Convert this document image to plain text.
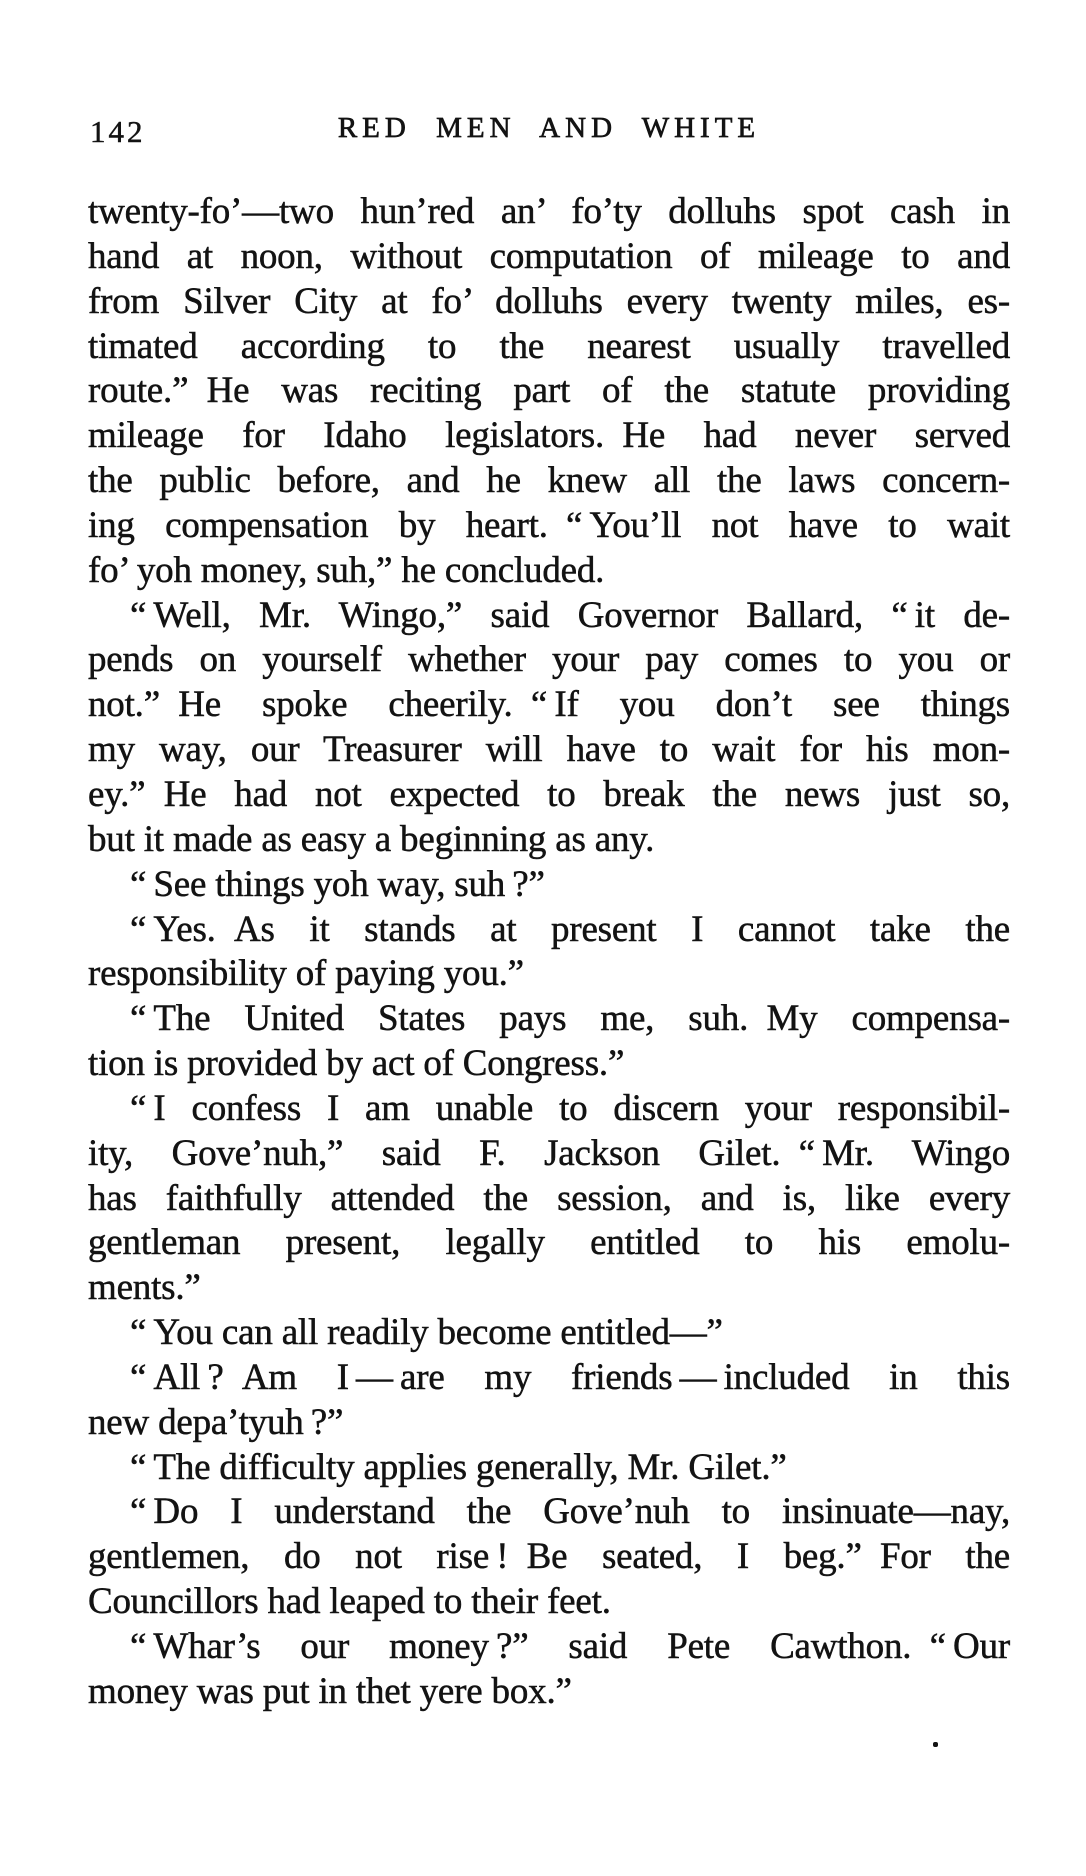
142	RED MEN AND WHITE
twenty-fo’—two hun’red an’ fo’ty dolluhs spot cash in
hand at noon, without computation of mileage to and
from Silver City at fo’ dolluhs every twenty miles, es-
timated according to the nearest usually travelled
route.” He was reciting part of the statute providing
mileage for Idaho legislators. He had never served
the public before, and he knew all the laws concern-
ing compensation by heart. “ You’ll not have to wait
fo’ yoh money, suh,” he concluded.
“ Well, Mr. Wingo,” said Governor Ballard, “ it de-
pends on yourself whether your pay comes to you or
not.” He spoke cheerily. “ If you don’t see things
my way, our Treasurer will have to wait for his mon-
ey.” He had not expected to break the news just so,
but it made as easy a beginning as any.
“ See things yoh way, suh ?”
“ Yes. As it stands at present I cannot take the
responsibility of paying you.”
“ The United States pays me, suh. My compensa-
tion is provided by act of Congress.”
“ I confess I am unable to discern your responsibil-
ity, Gove’nuh,” said F. Jackson Gilet. “ Mr. Wingo
has faithfully attended the session, and is, like every
gentleman present, legally entitled to his emolu-
ments.”
“ You can all readily become entitled—”
“ All ? Am I — are my friends — included in this
new depa’tyuh ?”
“ The difficulty applies generally, Mr. Gilet.”
“ Do I understand the Gove’nuh to insinuate—nay,
gentlemen, do not rise ! Be seated, I beg.” For the
Councillors had leaped to their feet.
“ Whar’s our money ?” said Pete Cawthon. “ Our
money was put in thet yere box.”
